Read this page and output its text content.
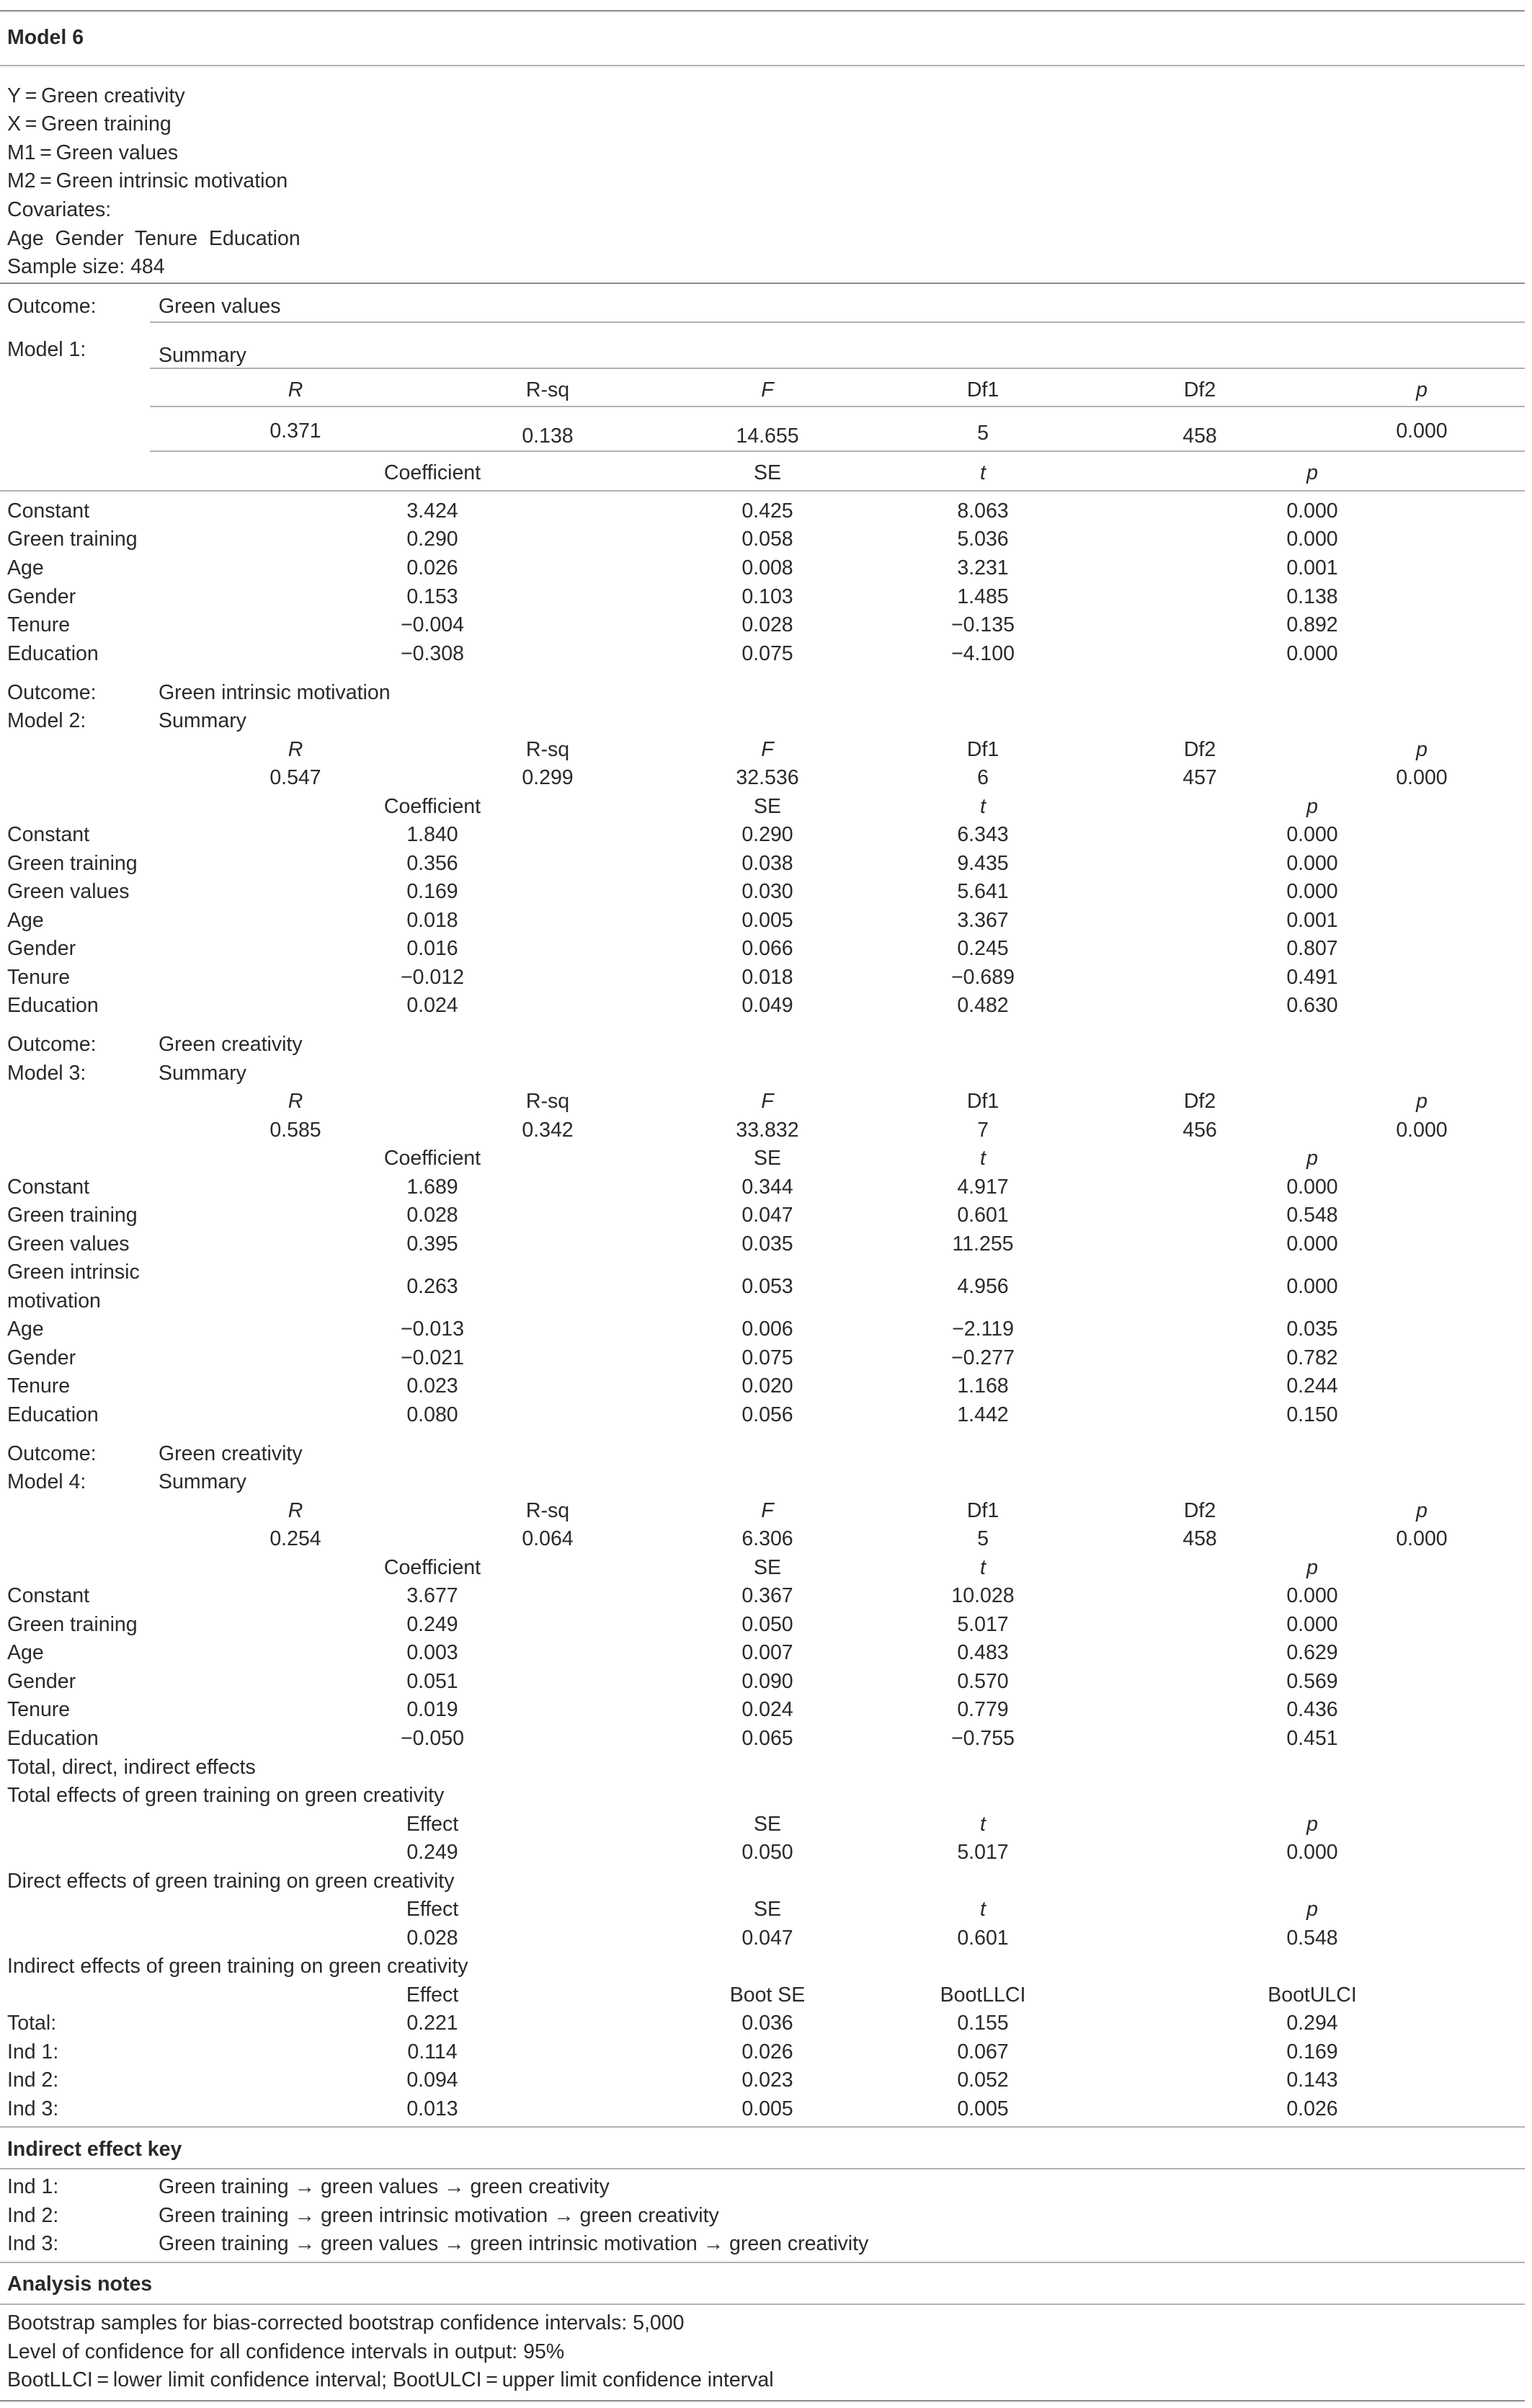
Model 6
Y = Green creativity
X = Green training
M1 = Green values
M2 = Green intrinsic motivation
Covariates:
Age  Gender  Tenure  Education
Sample size: 484
Outcome:	Green values
Model 1:	Summary
R	R-sq	F	Df1	Df2	p
0.371	0.138	14.655	5	458	0.000
Coefficient	SE	t	p
Constant	3.424	0.425	8.063	0.000
Green training	0.290	0.058	5.036	0.000
Age	0.026	0.008	3.231	0.001
Gender	0.153	0.103	1.485	0.138
Tenure	−0.004	0.028	−0.135	0.892
Education	−0.308	0.075	−4.100	0.000
Outcome:	Green intrinsic motivation
Model 2:	Summary
R	R-sq	F	Df1	Df2	p
0.547	0.299	32.536	6	457	0.000
Coefficient	SE	t	p
Constant	1.840	0.290	6.343	0.000
Green training	0.356	0.038	9.435	0.000
Green values	0.169	0.030	5.641	0.000
Age	0.018	0.005	3.367	0.001
Gender	0.016	0.066	0.245	0.807
Tenure	−0.012	0.018	−0.689	0.491
Education	0.024	0.049	0.482	0.630
Outcome:	Green creativity
Model 3:	Summary
R	R-sq	F	Df1	Df2	p
0.585	0.342	33.832	7	456	0.000
Coefficient	SE	t	p
Constant	1.689	0.344	4.917	0.000
Green training	0.028	0.047	0.601	0.548
Green values	0.395	0.035	11.255	0.000
Green intrinsic
motivation
0.263	0.053	4.956	0.000
Age	−0.013	0.006	−2.119	0.035
Gender	−0.021	0.075	−0.277	0.782
Tenure	0.023	0.020	1.168	0.244
Education	0.080	0.056	1.442	0.150
Outcome:	Green creativity
Model 4:	Summary
R	R-sq	F	Df1	Df2	p
0.254	0.064	6.306	5	458	0.000
Coefficient	SE	t	p
Constant	3.677	0.367	10.028	0.000
Green training	0.249	0.050	5.017	0.000
Age	0.003	0.007	0.483	0.629
Gender	0.051	0.090	0.570	0.569
Tenure	0.019	0.024	0.779	0.436
Education	−0.050	0.065	−0.755	0.451
Total, direct, indirect effects
Total effects of green training on green creativity
Effect	SE	t	p
0.249	0.050	5.017	0.000
Direct effects of green training on green creativity
Effect	SE	t	p
0.028	0.047	0.601	0.548
Indirect effects of green training on green creativity
Effect	Boot SE	BootLLCI	BootULCI
Total:	0.221	0.036	0.155	0.294
Ind 1:	0.114	0.026	0.067	0.169
Ind 2:	0.094	0.023	0.052	0.143
Ind 3:	0.013	0.005	0.005	0.026
Indirect effect key
Ind 1:	Green training → green values → green creativity
Ind 2:	Green training → green intrinsic motivation → green creativity
Ind 3:	Green training → green values → green intrinsic motivation → green creativity
Analysis notes
Bootstrap samples for bias-corrected bootstrap confidence intervals: 5,000
Level of confidence for all confidence intervals in output: 95%
BootLLCI = lower limit confidence interval; BootULCI = upper limit confidence interval
